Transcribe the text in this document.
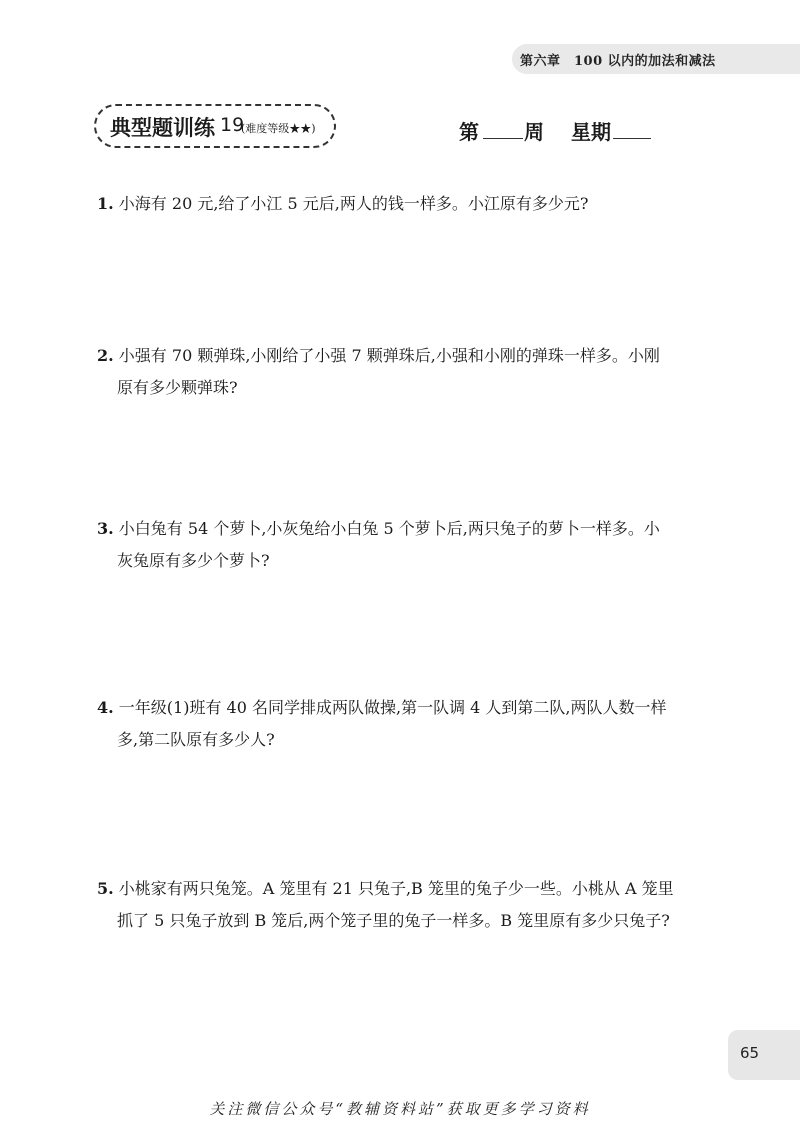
第六章　100 以内的加法和减法
典型题训练 19
(难度等级★★)	第 周 星期
1. 小海有 20 元,给了小江 5 元后,两人的钱一样多。小江原有多少元?
2. 小强有 70 颗弹珠,小刚给了小强 7 颗弹珠后,小强和小刚的弹珠一样多。小刚
原有多少颗弹珠?
3. 小白兔有 54 个萝卜,小灰兔给小白兔 5 个萝卜后,两只兔子的萝卜一样多。小
灰兔原有多少个萝卜?
4. 一年级(1)班有 40 名同学排成两队做操,第一队调 4 人到第二队,两队人数一样
多,第二队原有多少人?
5. 小桃家有两只兔笼。A 笼里有 21 只兔子,B 笼里的兔子少一些。小桃从 A 笼里
抓了 5 只兔子放到 B 笼后,两个笼子里的兔子一样多。B 笼里原有多少只兔子?
65
关注微信公众号“教辅资料站”获取更多学习资料
